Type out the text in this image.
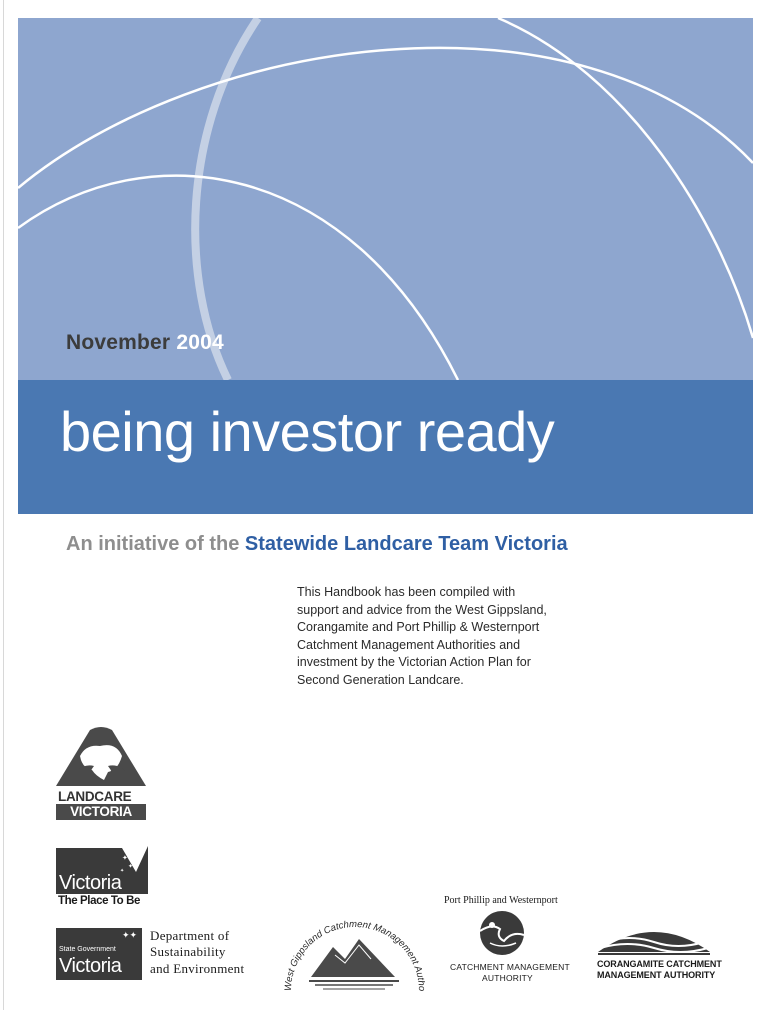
November 2004
being investor ready
An initiative of the Statewide Landcare Team Victoria

This Handbook has been compiled with
support and advice from the West Gippsland,
Corangamite and Port Phillip & Westernport
Catchment Management Authorities and
investment by the Victorian Action Plan for
Second Generation Landcare.

LANDCARE
VICTORIA
✦
✦
✦
Victoria
The Place To Be
State Government
Victoria
✦✦ Department of
Sustainability
and Environment
West Gippsland Catchment Management Aut
Port Phillip and Westernport
CATCHMENT MANAGEMENT
AUTHORITY
CORANGAMITE CATCHMENT
MANAGEMENT AUTHORITY
